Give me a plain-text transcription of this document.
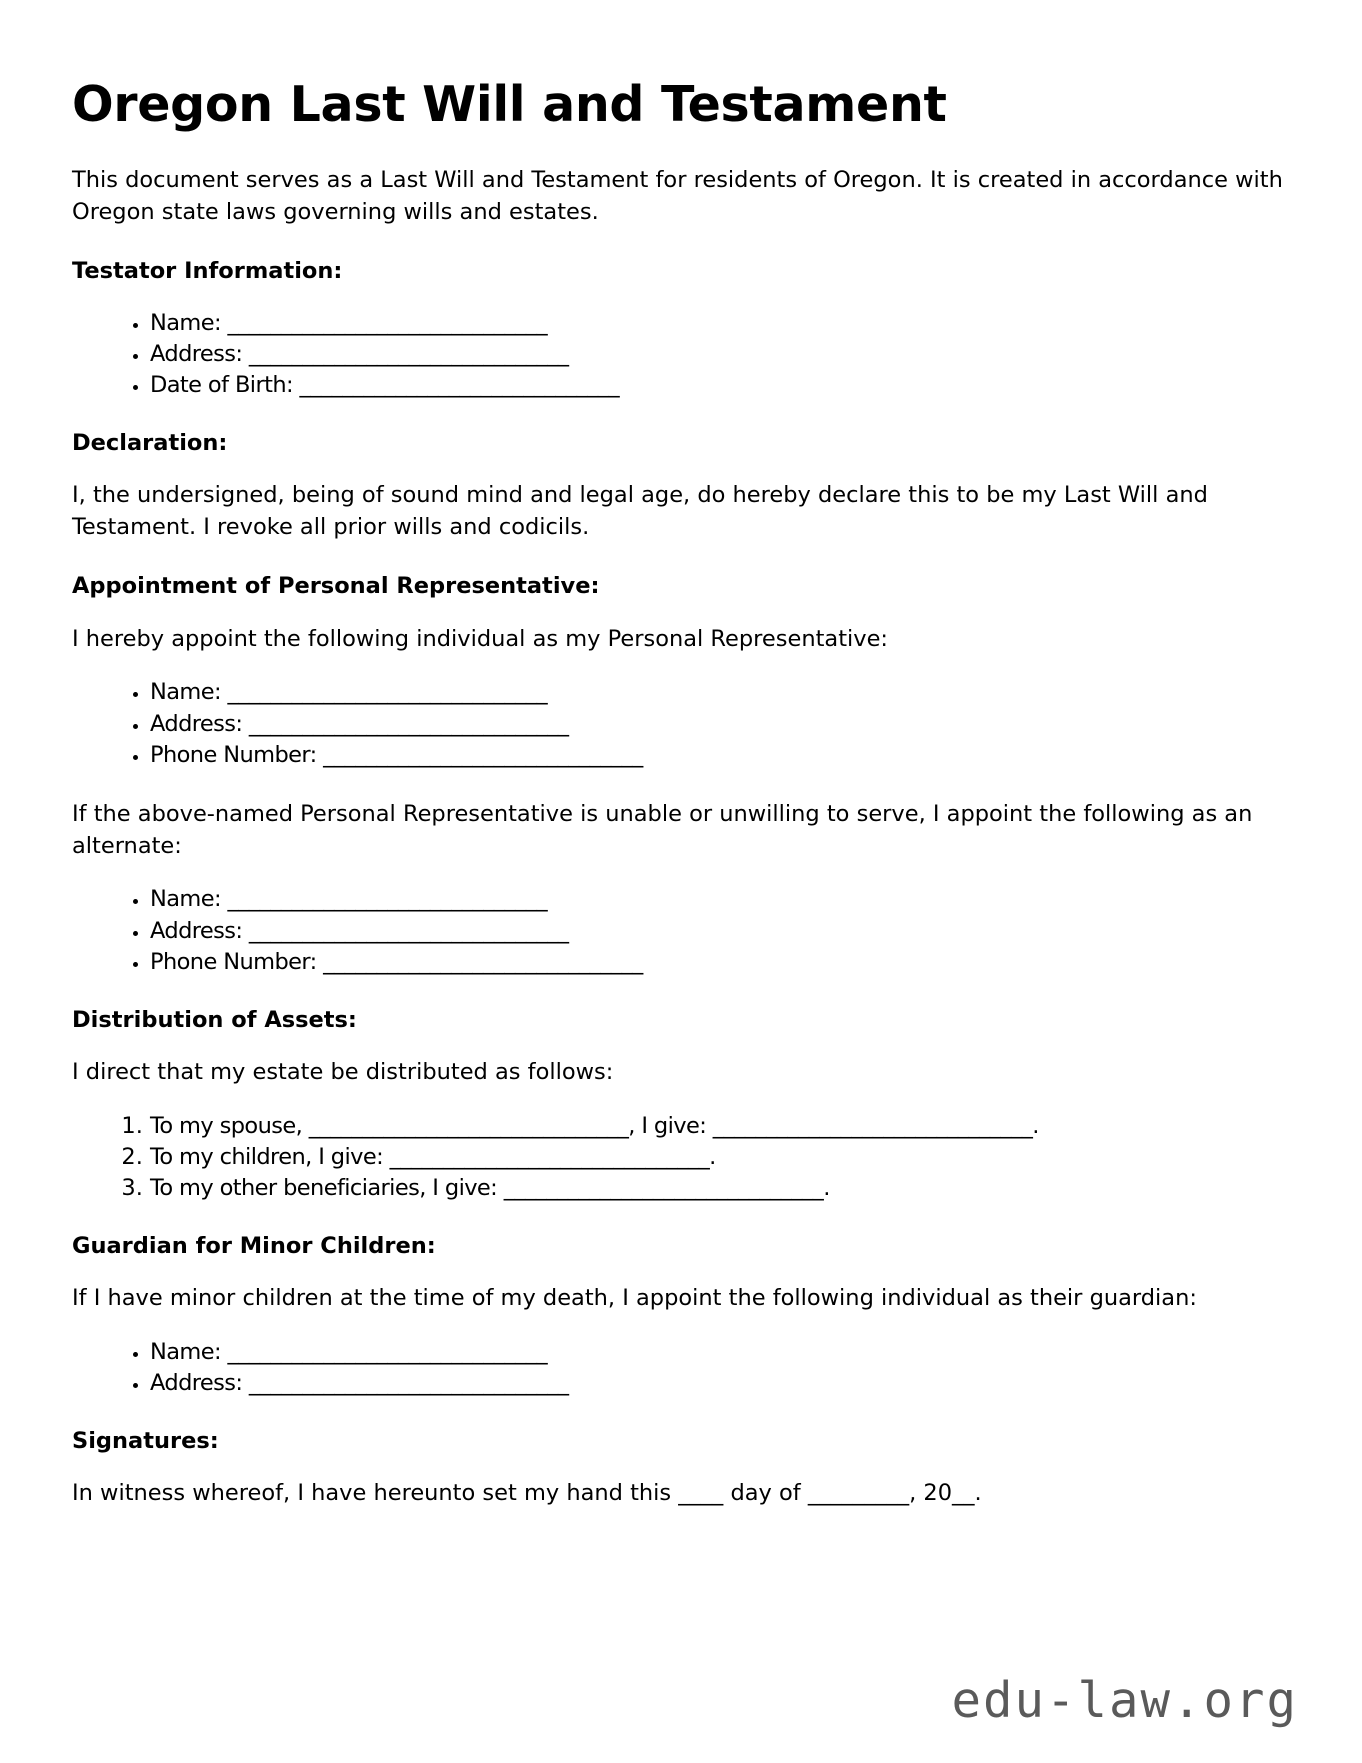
Oregon Last Will and Testament

This document serves as a Last Will and Testament for residents of Oregon. It is created in accordance with Oregon state laws governing wills and estates.

Testator Information:
• Name: ______________________________
• Address: ______________________________
• Date of Birth: ______________________________
Declaration:

I, the undersigned, being of sound mind and legal age, do hereby declare this to be my Last Will and Testament. I revoke all prior wills and codicils.

Appointment of Personal Representative:

I hereby appoint the following individual as my Personal Representative:

• Name: ______________________________
• Address: ______________________________
• Phone Number: ______________________________

If the above-named Personal Representative is unable or unwilling to serve, I appoint the following as an alternate:

• Name: ______________________________
• Address: ______________________________
• Phone Number: ______________________________
Distribution of Assets:

I direct that my estate be distributed as follows:

1. To my spouse, ______________________________, I give: ______________________________.
2. To my children, I give: ______________________________.
3. To my other beneficiaries, I give: ______________________________.
Guardian for Minor Children:

If I have minor children at the time of my death, I appoint the following individual as their guardian:

• Name: ______________________________
• Address: ______________________________
Signatures:

In witness whereof, I have hereunto set my hand this ____ day of _________, 20__.

edu-law.org
